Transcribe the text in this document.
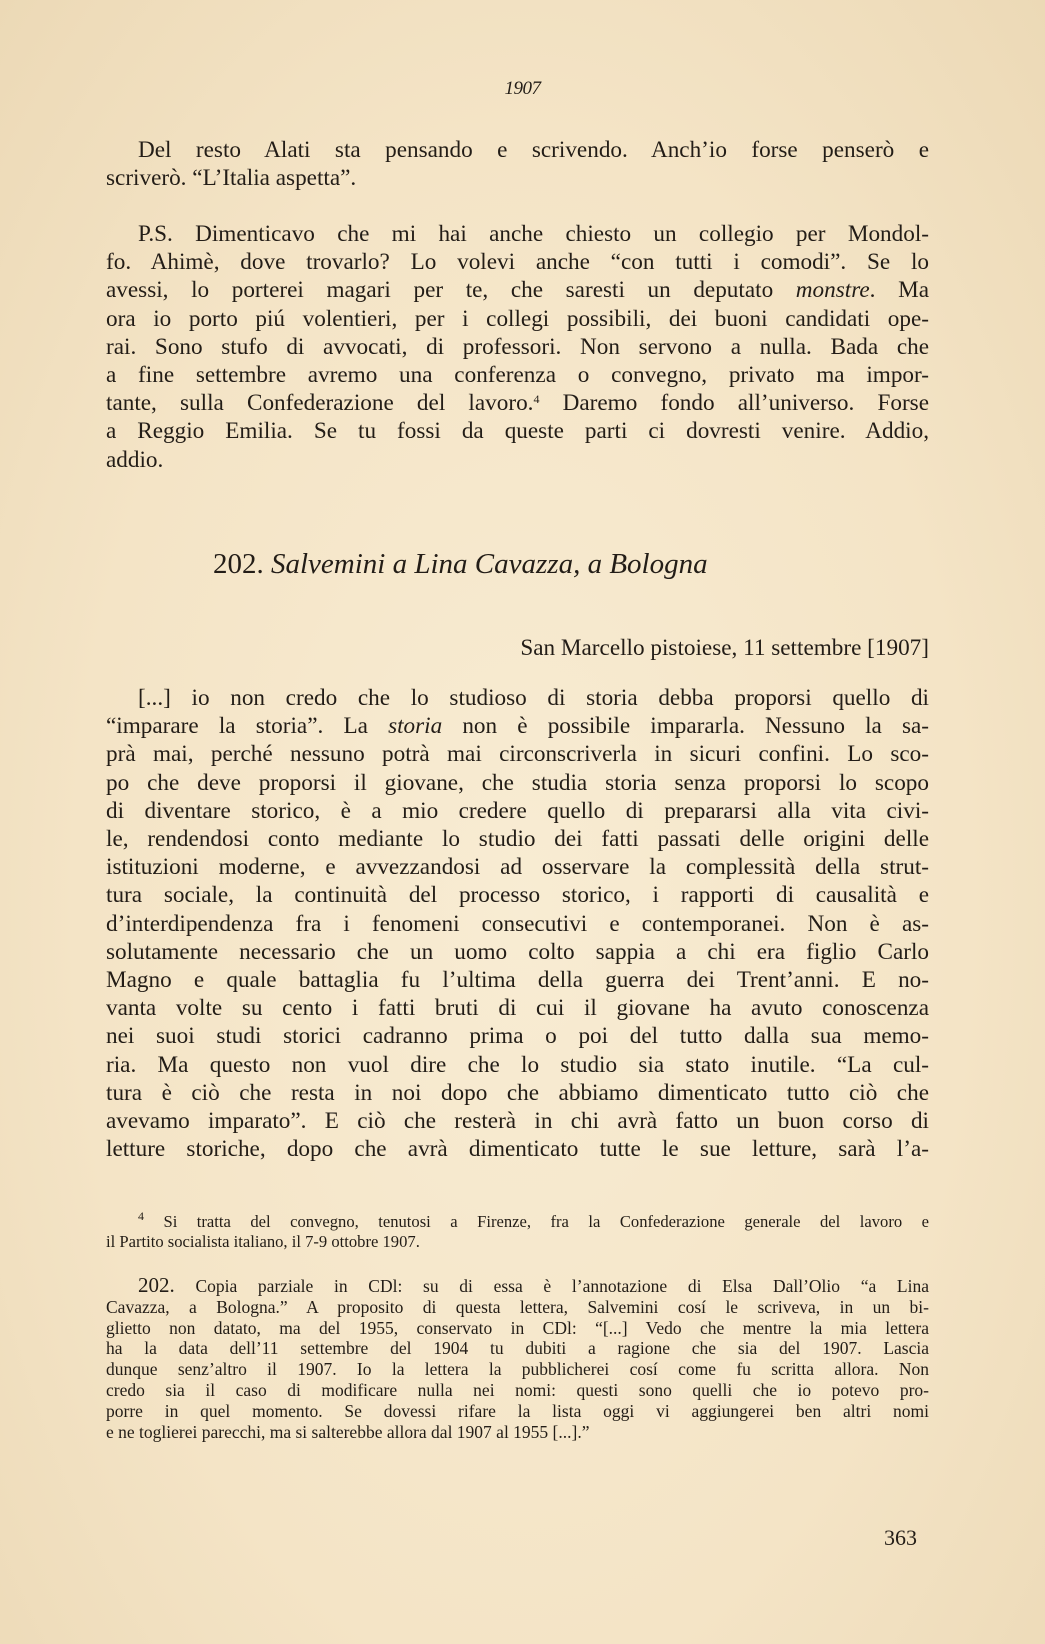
1907
Del resto Alati sta pensando e scrivendo. Anch’io forse penserò e
scriverò. “L’Italia aspetta”.
P.S. Dimenticavo che mi hai anche chiesto un collegio per Mondol-
fo. Ahimè, dove trovarlo? Lo volevi anche “con tutti i comodi”. Se lo
avessi, lo porterei magari per te, che saresti un deputato monstre. Ma
ora io porto piú volentieri, per i collegi possibili, dei buoni candidati ope-
rai. Sono stufo di avvocati, di professori. Non servono a nulla. Bada che
a fine settembre avremo una conferenza o convegno, privato ma impor-
tante, sulla Confederazione del lavoro.$^4$ Daremo fondo all’universo. Forse
a Reggio Emilia. Se tu fossi da queste parti ci dovresti venire. Addio,
addio.
202. Salvemini a Lina Cavazza, a Bologna
San Marcello pistoiese, 11 settembre [1907]
[...] io non credo che lo studioso di storia debba proporsi quello di
“imparare la storia”. La storia non è possibile impararla. Nessuno la sa-
prà mai, perché nessuno potrà mai circonscriverla in sicuri confini. Lo sco-
po che deve proporsi il giovane, che studia storia senza proporsi lo scopo
di diventare storico, è a mio credere quello di prepararsi alla vita civi-
le, rendendosi conto mediante lo studio dei fatti passati delle origini delle
istituzioni moderne, e avvezzandosi ad osservare la complessità della strut-
tura sociale, la continuità del processo storico, i rapporti di causalità e
d’interdipendenza fra i fenomeni consecutivi e contemporanei. Non è as-
solutamente necessario che un uomo colto sappia a chi era figlio Carlo
Magno e quale battaglia fu l’ultima della guerra dei Trent’anni. E no-
vanta volte su cento i fatti bruti di cui il giovane ha avuto conoscenza
nei suoi studi storici cadranno prima o poi del tutto dalla sua memo-
ria. Ma questo non vuol dire che lo studio sia stato inutile. “La cul-
tura è ciò che resta in noi dopo che abbiamo dimenticato tutto ciò che
avevamo imparato”. E ciò che resterà in chi avrà fatto un buon corso di
letture storiche, dopo che avrà dimenticato tutte le sue letture, sarà l’a-
$^4$ Si tratta del convegno, tenutosi a Firenze, fra la Confederazione generale del lavoro e
il Partito socialista italiano, il 7-9 ottobre 1907.
202. Copia parziale in CDl: su di essa è l’annotazione di Elsa Dall’Olio “a Lina
Cavazza, a Bologna.” A proposito di questa lettera, Salvemini cosí le scriveva, in un bi-
glietto non datato, ma del 1955, conservato in CDl: “[...] Vedo che mentre la mia lettera
ha la data dell’11 settembre del 1904 tu dubiti a ragione che sia del 1907. Lascia
dunque senz’altro il 1907. Io la lettera la pubblicherei cosí come fu scritta allora. Non
credo sia il caso di modificare nulla nei nomi: questi sono quelli che io potevo pro-
porre in quel momento. Se dovessi rifare la lista oggi vi aggiungerei ben altri nomi
e ne toglierei parecchi, ma si salterebbe allora dal 1907 al 1955 [...].”
363
